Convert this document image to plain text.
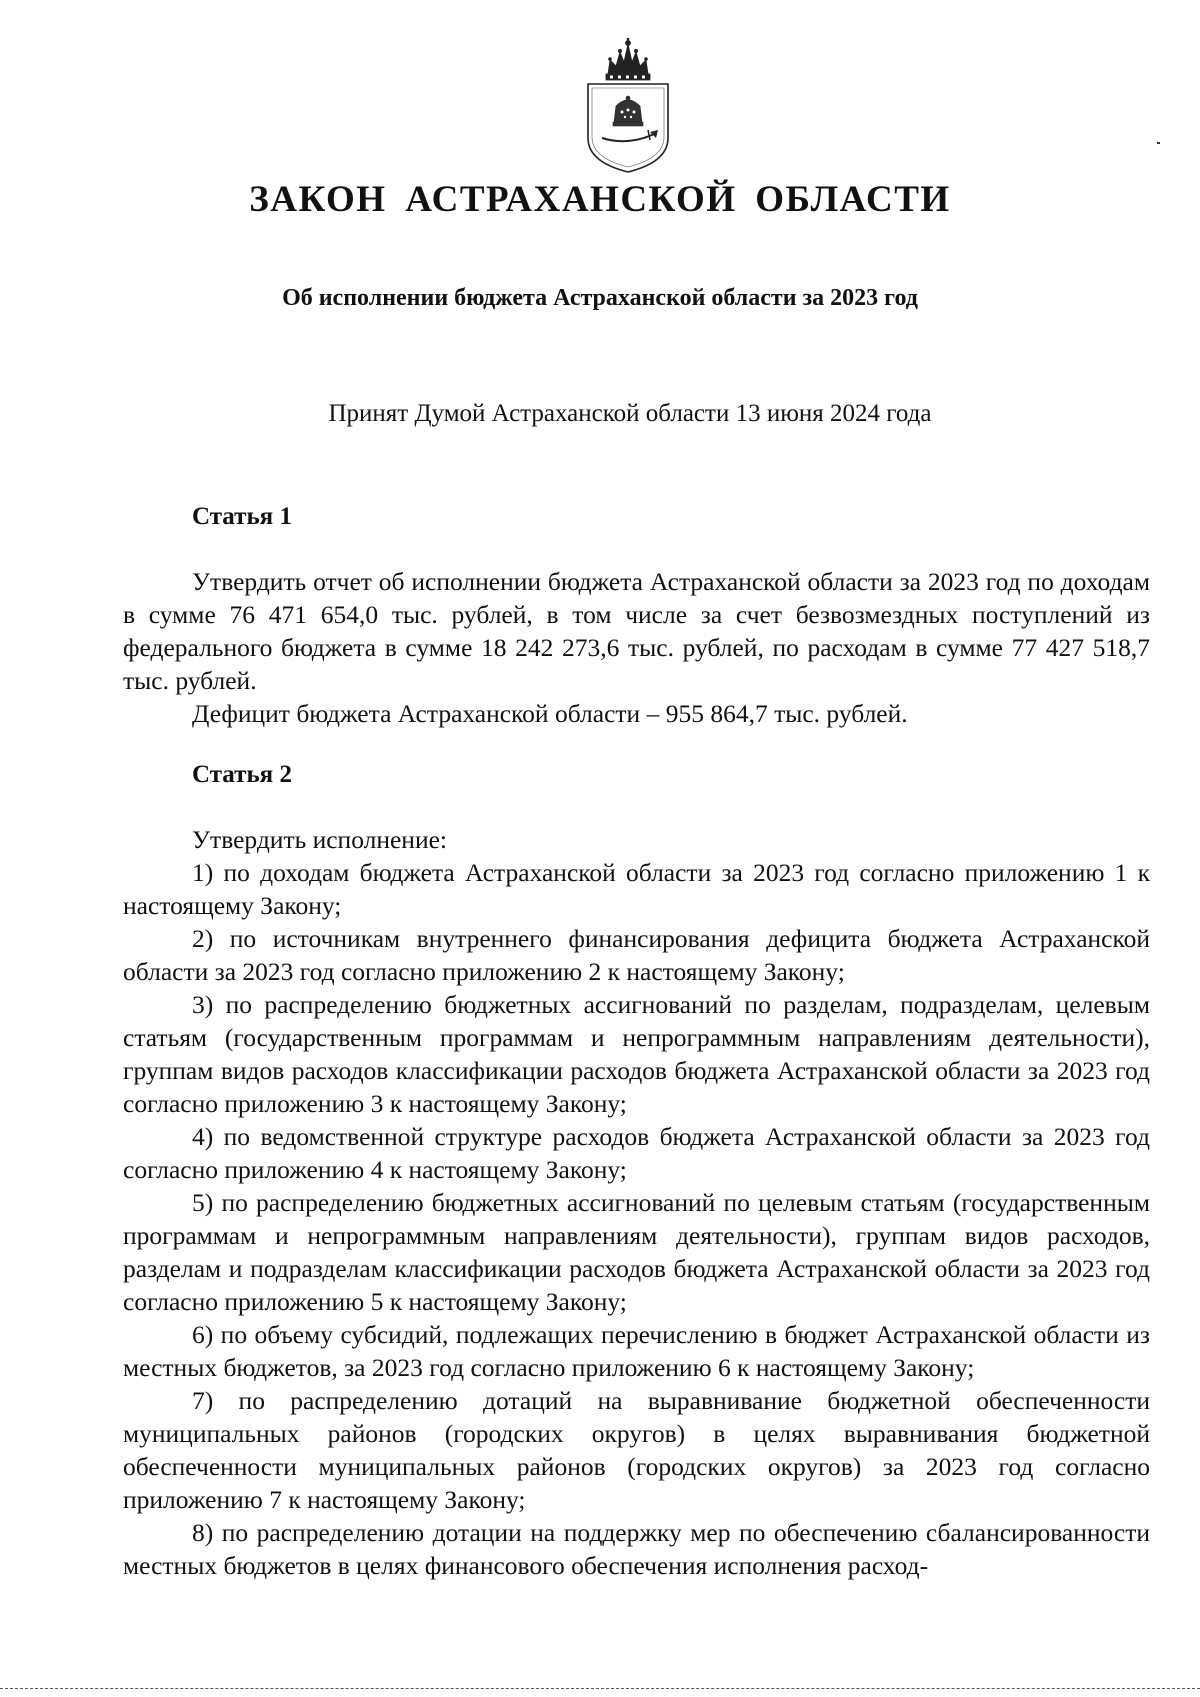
ЗАКОН АСТРАХАНСКОЙ ОБЛАСТИ
Об исполнении бюджета Астраханской области за 2023 год
Принят Думой Астраханской области 13 июня 2024 года
Статья 1

Утвердить отчет об исполнении бюджета Астраханской области за 2023 год по доходам в сумме 76 471 654,0 тыс. рублей, в том числе за счет безвозмездных поступлений из федерального бюджета в сумме 18 242 273,6 тыс. рублей, по расходам в сумме 77 427 518,7 тыс. рублей.

Дефицит бюджета Астраханской области – 955 864,7 тыс. рублей.

Статья 2

Утвердить исполнение:

1) по доходам бюджета Астраханской области за 2023 год согласно приложению 1 к настоящему Закону;

2) по источникам внутреннего финансирования дефицита бюджета Астраханской области за 2023 год согласно приложению 2 к настоящему Закону;

3) по распределению бюджетных ассигнований по разделам, подразделам, целевым статьям (государственным программам и непрограммным направлениям деятельности), группам видов расходов классификации расходов бюджета Астраханской области за 2023 год согласно приложению 3 к настоящему Закону;

4) по ведомственной структуре расходов бюджета Астраханской области за 2023 год согласно приложению 4 к настоящему Закону;

5) по распределению бюджетных ассигнований по целевым статьям (государственным программам и непрограммным направлениям деятельности), группам видов расходов, разделам и подразделам классификации расходов бюджета Астраханской области за 2023 год согласно приложению 5 к настоящему Закону;

6) по объему субсидий, подлежащих перечислению в бюджет Астраханской области из местных бюджетов, за 2023 год согласно приложению 6 к настоящему Закону;

7) по распределению дотаций на выравнивание бюджетной обеспеченности муниципальных районов (городских округов) в целях выравнивания бюджетной обеспеченности муниципальных районов (городских округов) за 2023 год согласно приложению 7 к настоящему Закону;

8) по распределению дотации на поддержку мер по обеспечению сбалансированности местных бюджетов в целях финансового обеспечения исполнения расход-
